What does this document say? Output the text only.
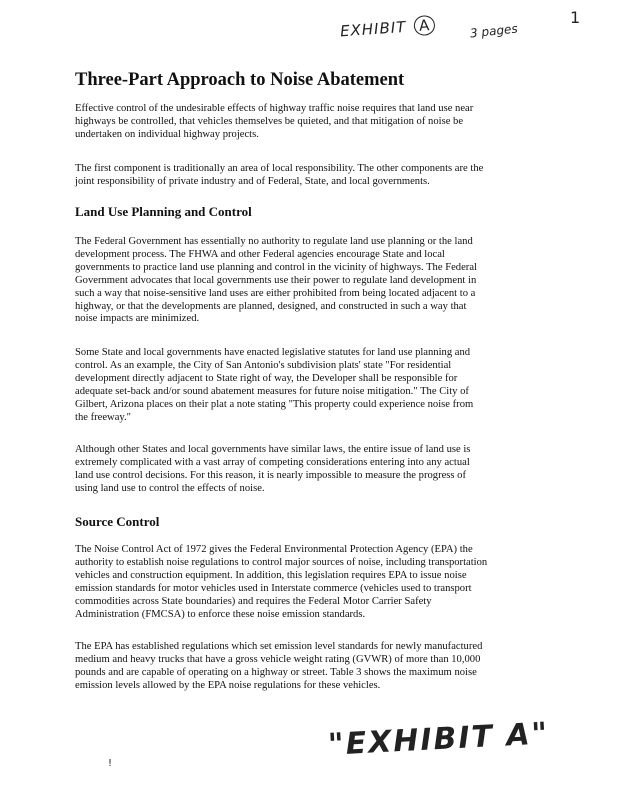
EXHIBIT A	3 pages
1
Three-Part Approach to Noise Abatement

Effective control of the undesirable effects of highway traffic noise requires that land use near
highways be controlled, that vehicles themselves be quieted, and that mitigation of noise be
undertaken on individual highway projects.

The first component is traditionally an area of local responsibility. The other components are the
joint responsibility of private industry and of Federal, State, and local governments.

Land Use Planning and Control

The Federal Government has essentially no authority to regulate land use planning or the land
development process. The FHWA and other Federal agencies encourage State and local
governments to practice land use planning and control in the vicinity of highways. The Federal
Government advocates that local governments use their power to regulate land development in
such a way that noise-sensitive land uses are either prohibited from being located adjacent to a
highway, or that the developments are planned, designed, and constructed in such a way that
noise impacts are minimized.

Some State and local governments have enacted legislative statutes for land use planning and
control. As an example, the City of San Antonio's subdivision plats' state "For residential
development directly adjacent to State right of way, the Developer shall be responsible for
adequate set-back and/or sound abatement measures for future noise mitigation." The City of
Gilbert, Arizona places on their plat a note stating "This property could experience noise from
the freeway."

Although other States and local governments have similar laws, the entire issue of land use is
extremely complicated with a vast array of competing considerations entering into any actual
land use control decisions. For this reason, it is nearly impossible to measure the progress of
using land use to control the effects of noise.

Source Control

The Noise Control Act of 1972 gives the Federal Environmental Protection Agency (EPA) the
authority to establish noise regulations to control major sources of noise, including transportation
vehicles and construction equipment. In addition, this legislation requires EPA to issue noise
emission standards for motor vehicles used in Interstate commerce (vehicles used to transport
commodities across State boundaries) and requires the Federal Motor Carrier Safety
Administration (FMCSA) to enforce these noise emission standards.

The EPA has established regulations which set emission level standards for newly manufactured
medium and heavy trucks that have a gross vehicle weight rating (GVWR) of more than 10,000
pounds and are capable of operating on a highway or street. Table 3 shows the maximum noise
emission levels allowed by the EPA noise regulations for these vehicles.

"EXHIBIT A"
!
